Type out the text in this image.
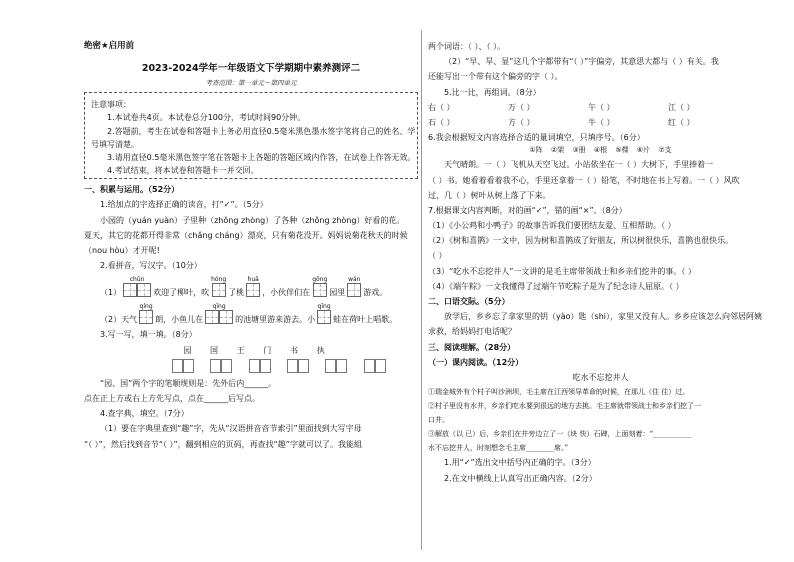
绝密★启用前
2023-2024学年一年级语文下学期期中素养测评二
考查范围：第一单元～第四单元
注意事项：
1.本试卷共4页。本试卷总分100分，考试时间90分钟。
2.答题前，考生在试卷和答题卡上务必用直径0.5毫米黑色墨水签字笔将自己的姓名、学
号填写清楚。
3.请用直径0.5毫米黑色签字笔在答题卡上各题的答题区域内作答，在试卷上作答无效。
4.考试结束，将本试卷和答题卡一并交回。
一、积累与运用。（52分）
1.给加点的字选择正确的读音，打“✓”。（5分）
小园的（yuán yuàn）子里种（zhǒng zhòng）了各种（zhǒng zhòng）好看的花。
夏天，其它的花都开得非常（chǎng cháng）漂亮，只有菊花没开。妈妈说菊花秋天的时候
（nou hòu）才开呢!
2.看拼音，写汉字。（10分）
（1）
chūn
欢迎了柳叶，吹
hóng
了桃
huā
，小伙伴们在
gōng
园里
wán
游戏。
（2）天气
qíng
朗，小鱼儿在
qīng
的池塘里游来游去。小
qīng
蛙在荷叶上唱歌。
3.写一写，填一填。（8分）
园 国 王 门 书 执
“园、国”两个字的笔顺规则是：先外后内______。
点在正上方或右上方先写点，点在______后写点。
4.查字典，填空。（7分）
（1）要在字典里查到“趣”字，先从“汉语拼音音节索引”里面找到大写字母
“（ ）”，然后找到音节“（ ）”，翻到相应的页码，再查找“趣”字就可以了。我能組
两个词语：（ ）、（ ）。
（2）“早、旱、显”这几个字都带有“（ ）”字偏旁，其意思大都与（ ）有关。我
还能写出一个带有这个偏旁的字（ ）。
5.比一比，再组词。（8分）
右（ ）	万（ ）	午（ ）	江（ ）
石（ ）	方（ ）	牛（ ）	红（ ）
6.我会根据短文内容选择合适的量词填空，只填序号。（6分）
①阵 ②架 ③册 ④根 ⑤棵 ⑥片 ⑦支
天气晴朗。一（ ）飞机从天空飞过。小站依坐在一（ ）大树下，手里捧着一
（ ）书。她看着看着我不心，手里还拿着一（ ）铅笔，不时地在书上写着。一（ ）风吹
过，几（ ）树叶从树上落了下来。
7.根据课文内容判断，对的画“✓”，错的画“×”。（8分）
（1）《小公鸡和小鸭子》的故事告诉我们要团结友爱、互相帮助。（ ）
（2）《树和喜鹊》一文中，因为树和喜鹊成了好朋友，所以树很快乐，喜鹊也很快乐。
（ ）
（3）“吃水不忘挖井人”一文讲的是毛主席带领战士和乡亲们挖井的事。（ ）
（4）《端午粽》一文我懂得了过端午节吃粽子是为了纪念诗人屈原。（ ）
二、口语交际。（5分）
放学后，乡乡忘了拿家里的钥（yào）匙（shi），家里又没有人。乡乡应该怎么向邻居阿姨
求救，给妈妈打电话呢？
三、阅读理解。（28分）
（一）课内阅读。（12分）
吃水不忘挖井人
①瑞金城外有个村子叫沙洲坝，毛主席在江西领导革命的时候，在那儿（住 往）过。
②村子里没有水井，乡亲们吃水要到很远的地方去挑。毛主席就带领战士和乡亲们挖了一
口井。
③解放（以 已）后，乡亲们在井旁边立了一（块 快）石碑，上面刻着：“___________
水不忘挖井人，时刻想念毛主席________席。”
1.用“✓”选出文中括号内正确的字。（3分）
2.在文中横线上认真写出正确内容。（2分）
